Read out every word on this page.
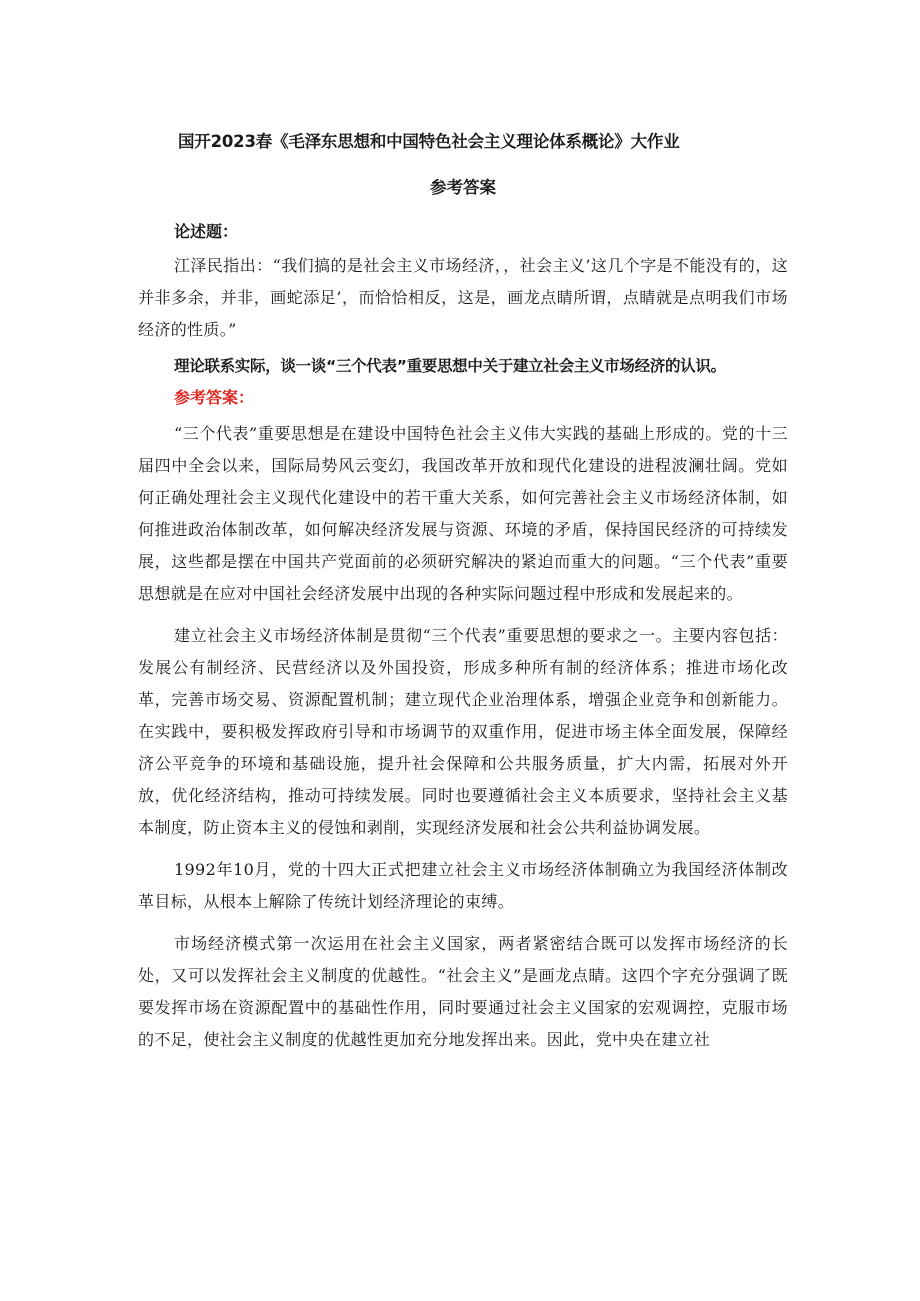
国开2023春《毛泽东思想和中国特色社会主义理论体系概论》大作业
参考答案
论述题：

江泽民指出：“我们搞的是社会主义市场经济，，社会主义’这几个字是不能没有的，这并非多余，并非，画蛇添足’，而恰恰相反，这是，画龙点睛所谓，点睛就是点明我们市场经济的性质。”

理论联系实际，谈一谈“三个代表”重要思想中关于建立社会主义市场经济的认识。
参考答案：

“三个代表”重要思想是在建设中国特色社会主义伟大实践的基础上形成的。党的十三届四中全会以来，国际局势风云变幻，我国改革开放和现代化建设的进程波澜壮阔。党如何正确处理社会主义现代化建设中的若干重大关系，如何完善社会主义市场经济体制，如何推进政治体制改革，如何解决经济发展与资源、环境的矛盾，保持国民经济的可持续发展，这些都是摆在中国共产党面前的必须研究解决的紧迫而重大的问题。“三个代表”重要思想就是在应对中国社会经济发展中出现的各种实际问题过程中形成和发展起来的。

建立社会主义市场经济体制是贯彻“三个代表”重要思想的要求之一。主要内容包括：发展公有制经济、民营经济以及外国投资，形成多种所有制的经济体系；推进市场化改革，完善市场交易、资源配置机制；建立现代企业治理体系，增强企业竞争和创新能力。在实践中，要积极发挥政府引导和市场调节的双重作用，促进市场主体全面发展，保障经济公平竞争的环境和基础设施，提升社会保障和公共服务质量，扩大内需，拓展对外开放，优化经济结构，推动可持续发展。同时也要遵循社会主义本质要求，坚持社会主义基本制度，防止资本主义的侵蚀和剥削，实现经济发展和社会公共利益协调发展。

1992年10月，党的十四大正式把建立社会主义市场经济体制确立为我国经济体制改革目标，从根本上解除了传统计划经济理论的束缚。

市场经济模式第一次运用在社会主义国家，两者紧密结合既可以发挥市场经济的长处，又可以发挥社会主义制度的优越性。“社会主义”是画龙点睛。这四个字充分强调了既要发挥市场在资源配置中的基础性作用，同时要通过社会主义国家的宏观调控，克服市场的不足，使社会主义制度的优越性更加充分地发挥出来。因此，党中央在建立社
